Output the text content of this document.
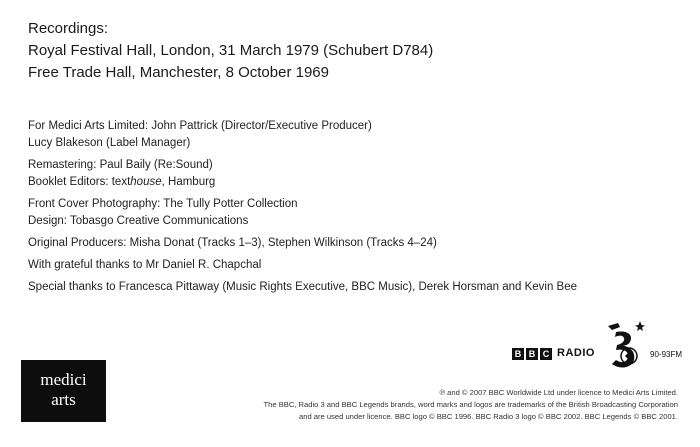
Recordings:
Royal Festival Hall, London, 31 March 1979 (Schubert D784)
Free Trade Hall, Manchester, 8 October 1969
For Medici Arts Limited: John Pattrick (Director/Executive Producer)
Lucy Blakeson (Label Manager)
Remastering: Paul Baily (Re:Sound)
Booklet Editors: texthouse, Hamburg
Front Cover Photography: The Tully Potter Collection
Design: Tobasgo Creative Communications
Original Producers: Misha Donat (Tracks 1–3), Stephen Wilkinson (Tracks 4–24)
With grateful thanks to Mr Daniel R. Chapchal
Special thanks to Francesca Pittaway (Music Rights Executive, BBC Music), Derek Horsman and Kevin Bee
B B C RADIO	90-93FM
medici
arts	℗ and © 2007 BBC Worldwide Ltd under licence to Medici Arts Limited.
The BBC, Radio 3 and BBC Legends brands, word marks and logos are trademarks of the British Broadcasting Corporation
and are used under licence. BBC logo © BBC 1996. BBC Radio 3 logo © BBC 2002. BBC Legends © BBC 2001.
